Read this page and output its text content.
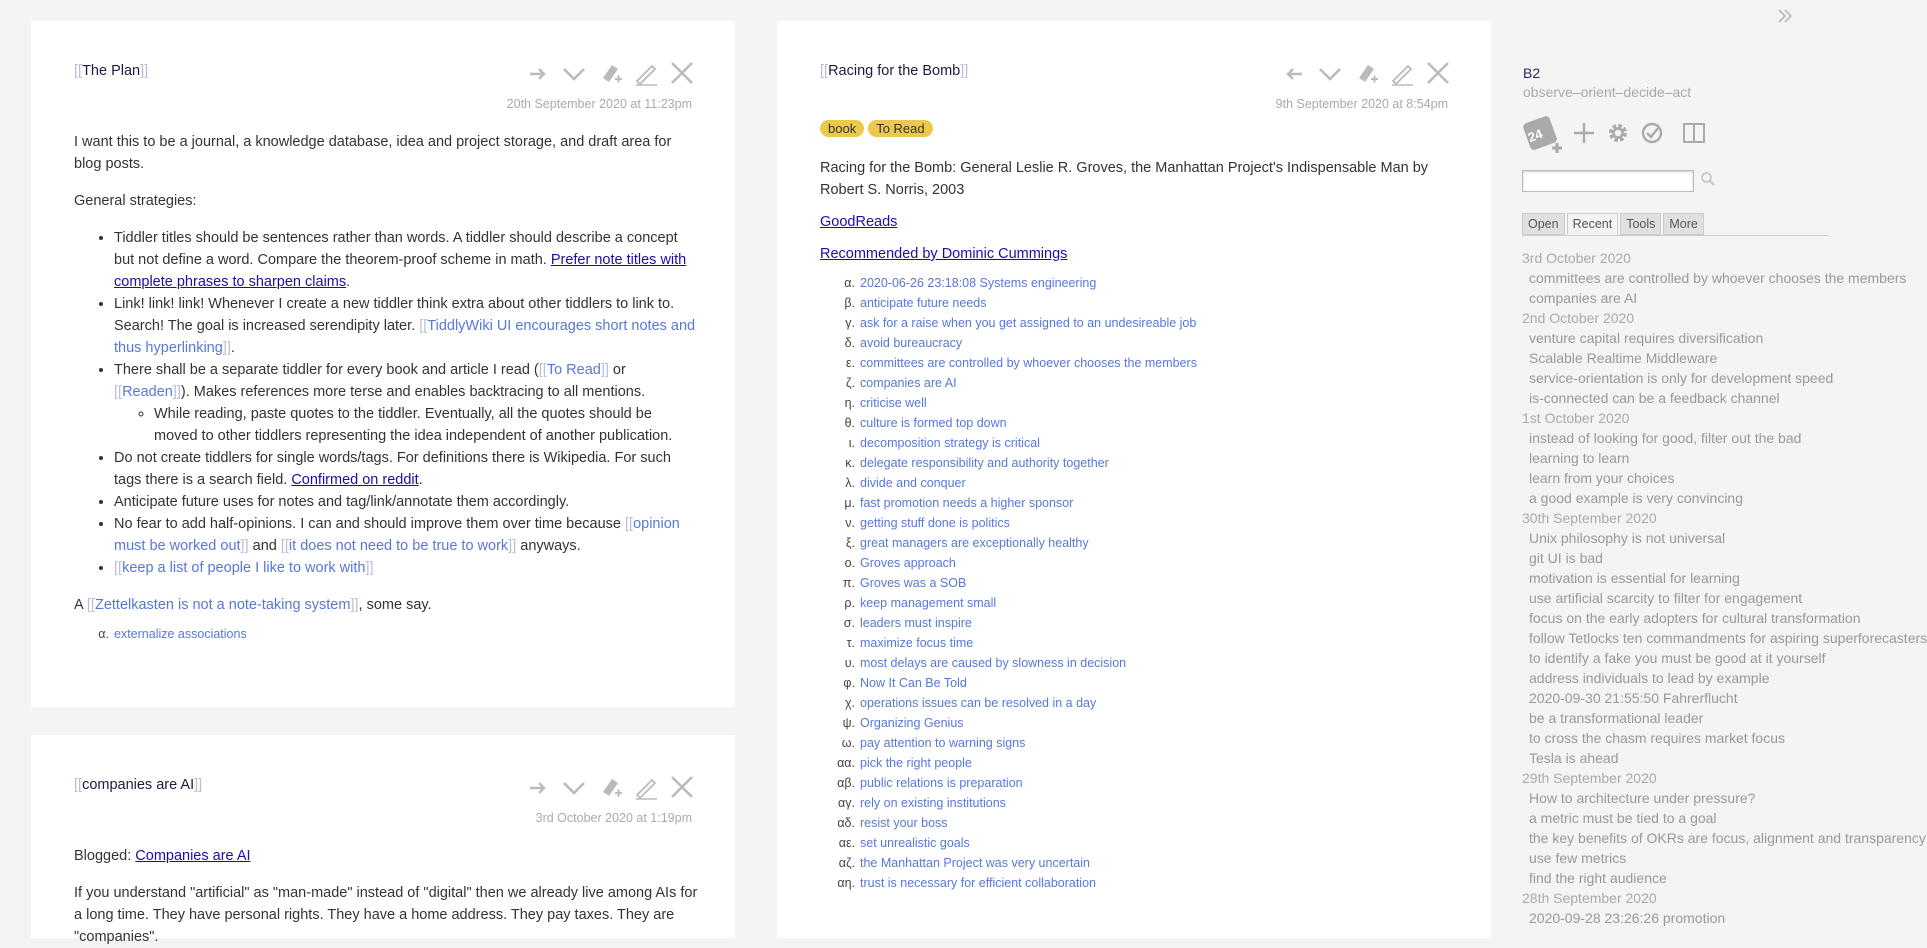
[[The Plan]]
20th September 2020 at 11:23pm

I want this to be a journal, a knowledge database, idea and project storage, and draft area for blog posts.

General strategies:

• Tiddler titles should be sentences rather than words. A tiddler should describe a concept but not define a word. Compare the theorem-proof scheme in math. Prefer note titles with complete phrases to sharpen claims.
• Link! link! link! Whenever I create a new tiddler think extra about other tiddlers to link to. Search! The goal is increased serendipity later. [[TiddlyWiki UI encourages short notes and thus hyperlinking]].
• There shall be a separate tiddler for every book and article I read ([[To Read]] or [[Readen]]). Makes references more terse and enables backtracing to all mentions.
◦ While reading, paste quotes to the tiddler. Eventually, all the quotes should be moved to other tiddlers representing the idea independent of another publication.
• Do not create tiddlers for single words/tags. For definitions there is Wikipedia. For such tags there is a search field. Confirmed on reddit.
• Anticipate future uses for notes and tag/link/annotate them accordingly.
• No fear to add half-opinions. I can and should improve them over time because [[opinion must be worked out]] and [[it does not need to be true to work]] anyways.
• [[keep a list of people I like to work with]]

A [[Zettelkasten is not a note-taking system]], some say.

α. externalize associations
[[companies are AI]]
3rd October 2020 at 1:19pm

Blogged: Companies are AI

If you understand "artificial" as "man-made" instead of "digital" then we already live among AIs for a long time. They have personal rights. They have a home address. They pay taxes. They are "companies".

[[Racing for the Bomb]]
9th September 2020 at 8:54pm
book To Read

Racing for the Bomb: General Leslie R. Groves, the Manhattan Project's Indispensable Man by Robert S. Norris, 2003

GoodReads

Recommended by Dominic Cummings

α. 2020-06-26 23:18:08 Systems engineering
β. anticipate future needs
γ. ask for a raise when you get assigned to an undesireable job
δ. avoid bureaucracy
ε. committees are controlled by whoever chooses the members
ζ. companies are AI
η. criticise well
θ. culture is formed top down
ι. decomposition strategy is critical
κ. delegate responsibility and authority together
λ. divide and conquer
μ. fast promotion needs a higher sponsor
ν. getting stuff done is politics
ξ. great managers are exceptionally healthy
ο. Groves approach
π. Groves was a SOB
ρ. keep management small
σ. leaders must inspire
τ. maximize focus time
υ. most delays are caused by slowness in decision
φ. Now It Can Be Told
χ. operations issues can be resolved in a day
ψ. Organizing Genius
ω. pay attention to warning signs
αα. pick the right people
αβ. public relations is preparation
αγ. rely on existing institutions
αδ. resist your boss
αε. set unrealistic goals
αζ. the Manhattan Project was very uncertain
αη. trust is necessary for efficient collaboration
B2
observe–orient–decide–act
24
Open Recent Tools More
3rd October 2020
committees are controlled by whoever chooses the members
companies are AI
2nd October 2020
venture capital requires diversification
Scalable Realtime Middleware
service-orientation is only for development speed
is-connected can be a feedback channel
1st October 2020
instead of looking for good, filter out the bad
learning to learn
learn from your choices
a good example is very convincing
30th September 2020
Unix philosophy is not universal
git UI is bad
motivation is essential for learning
use artificial scarcity to filter for engagement
focus on the early adopters for cultural transformation
follow Tetlocks ten commandments for aspiring superforecasters
to identify a fake you must be good at it yourself
address individuals to lead by example
2020-09-30 21:55:50 Fahrerflucht
be a transformational leader
to cross the chasm requires market focus
Tesla is ahead
29th September 2020
How to architecture under pressure?
a metric must be tied to a goal
the key benefits of OKRs are focus, alignment and transparency
use few metrics
find the right audience
28th September 2020
2020-09-28 23:26:26 promotion
